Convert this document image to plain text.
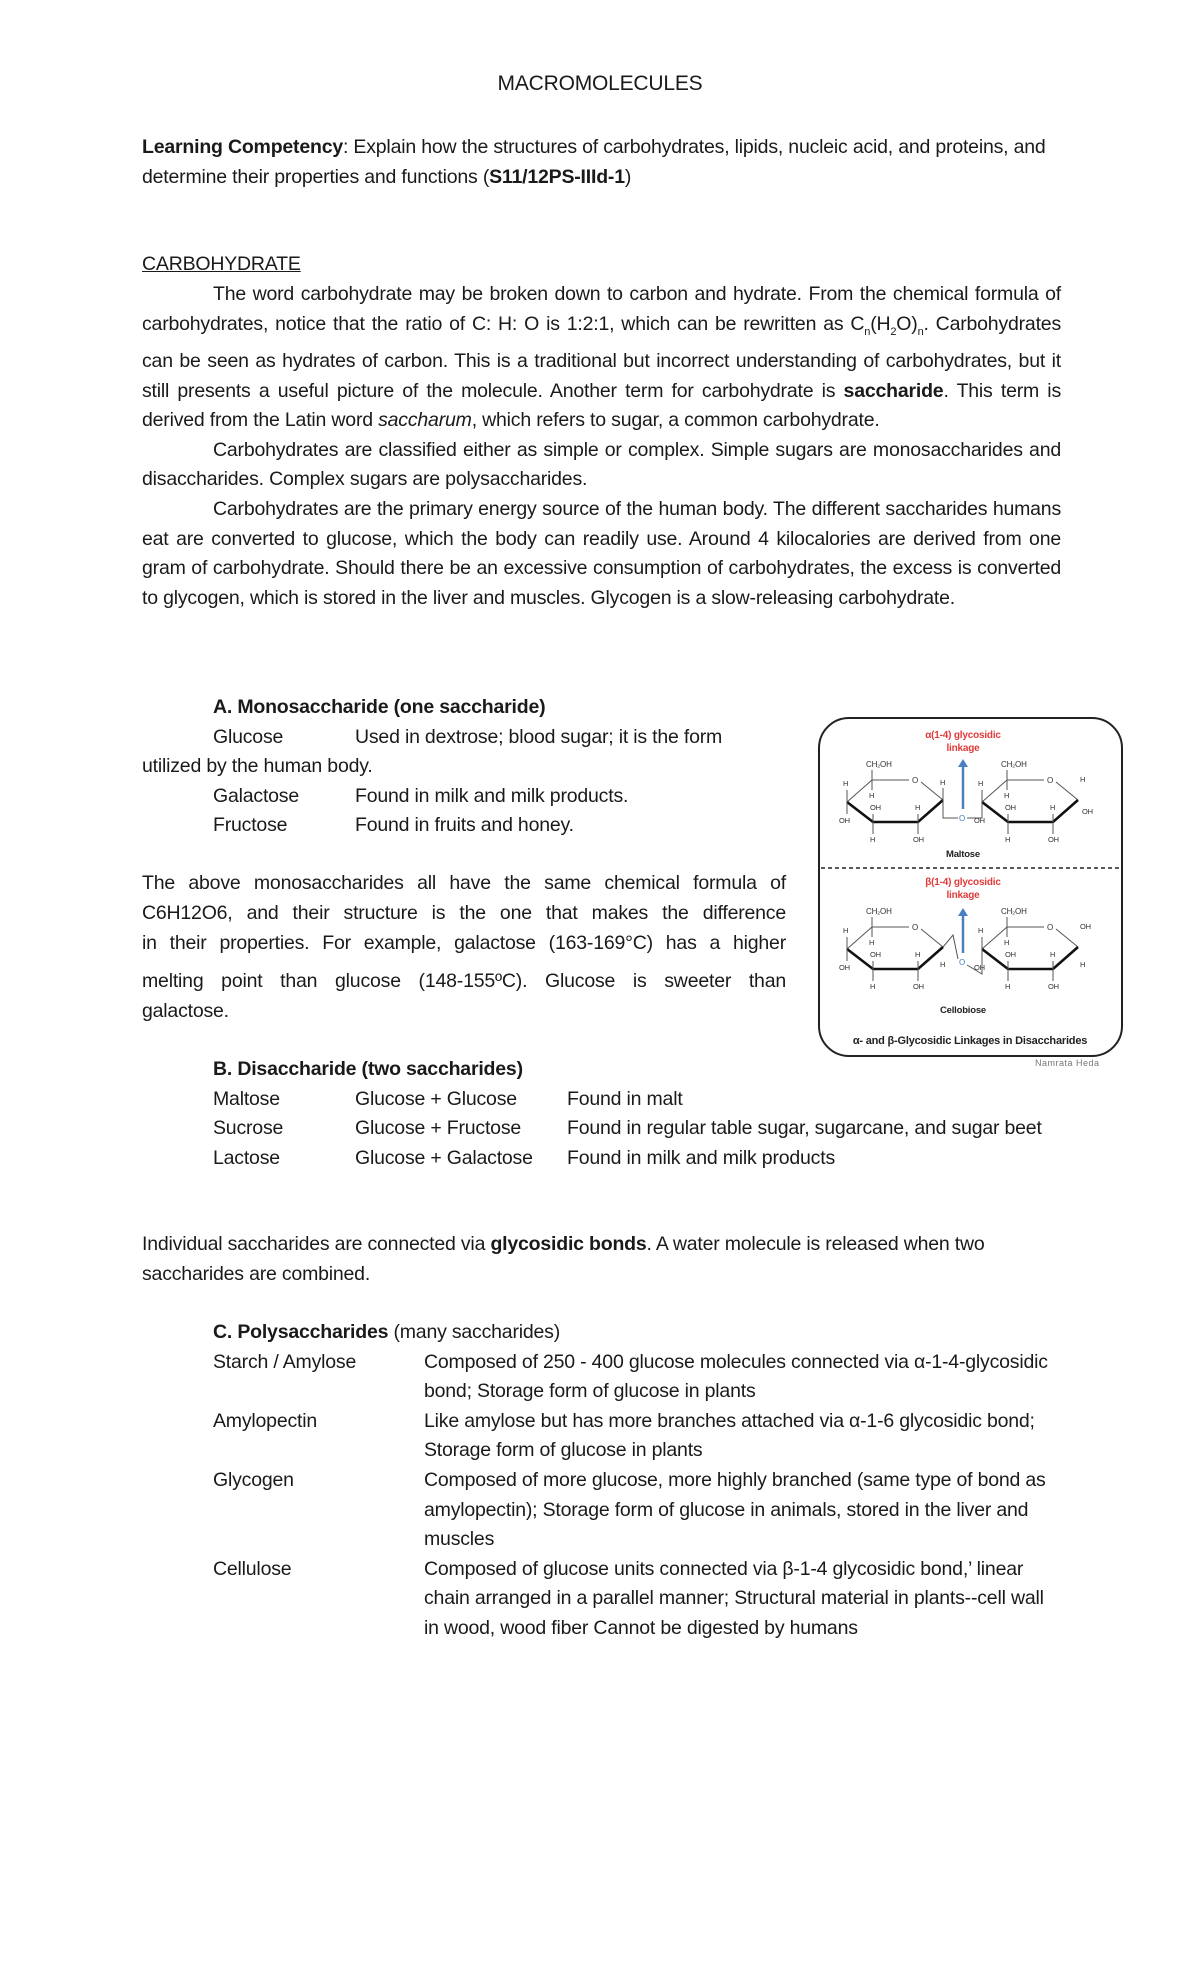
MACROMOLECULES
Learning Competency: Explain how the structures of carbohydrates, lipids, nucleic acid, and proteins, and determine their properties and functions (S11/12PS-IIId-1)
CARBOHYDRATE

The word carbohydrate may be broken down to carbon and hydrate. From the chemical formula of carbohydrates, notice that the ratio of C: H: O is 1:2:1, which can be rewritten as $C_n(H_2O)_n$. Carbohydrates can be seen as hydrates of carbon. This is a traditional but incorrect understanding of carbohydrates, but it still presents a useful picture of the molecule. Another term for carbohydrate is saccharide. This term is derived from the Latin word saccharum, which refers to sugar, a common carbohydrate.

Carbohydrates are classified either as simple or complex. Simple sugars are monosaccharides and disaccharides. Complex sugars are polysaccharides.

Carbohydrates are the primary energy source of the human body. The different saccharides humans eat are converted to glucose, which the body can readily use. Around 4 kilocalories are derived from one gram of carbohydrate. Should there be an excessive consumption of carbohydrates, the excess is converted to glycogen, which is stored in the liver and muscles. Glycogen is a slow-releasing carbohydrate.

A. Monosaccharide (one saccharide)
Glucose	Used in dextrose; blood sugar; it is the form
utilized by the human body.
Galactose	Found in milk and milk products.
Fructose	Found in fruits and honey.
The above monosaccharides all have the same chemical formula of
C6H12O6, and their structure is the one that makes the difference
in their properties. For example, galactose (163-169°C) has a higher
melting point than glucose (148-155ºC). Glucose is sweeter than
galactose.
α(1-4) glycosidic
linkage
β(1-4) glycosidic
linkage
Maltose
Cellobiose
α- and β-Glycosidic Linkages in Disaccharides
O
CH₂OH
H
H
OH
OH
H
H
OH
O
CH₂OH
H
H
OH
OH
H
H
OH
O
H
OH
H
O
CH₂OH
H
H
OH
OH
H
H
OH
O
CH₂OH
H
H
OH
OH
H
H
OH
O
H
OH
H
Namrata Heda
B. Disaccharide (two saccharides)
Maltose	Glucose + Glucose	Found in malt
Sucrose	Glucose + Fructose	Found in regular table sugar, sugarcane, and sugar beet
Lactose	Glucose + Galactose	Found in milk and milk products
Individual saccharides are connected via glycosidic bonds. A water molecule is released when two saccharides are combined.
C. Polysaccharides (many saccharides)
Starch / Amylose	Composed of 250 - 400 glucose molecules connected via α-1-4-glycosidic bond; Storage form of glucose in plants
Amylopectin	Like amylose but has more branches attached via α-1-6 glycosidic bond; Storage form of glucose in plants
Glycogen	Composed of more glucose, more highly branched (same type of bond as amylopectin); Storage form of glucose in animals, stored in the liver and muscles
Cellulose	Composed of glucose units connected via β-1-4 glycosidic bond,’ linear chain arranged in a parallel manner; Structural material in plants--cell wall in wood, wood fiber Cannot be digested by humans
